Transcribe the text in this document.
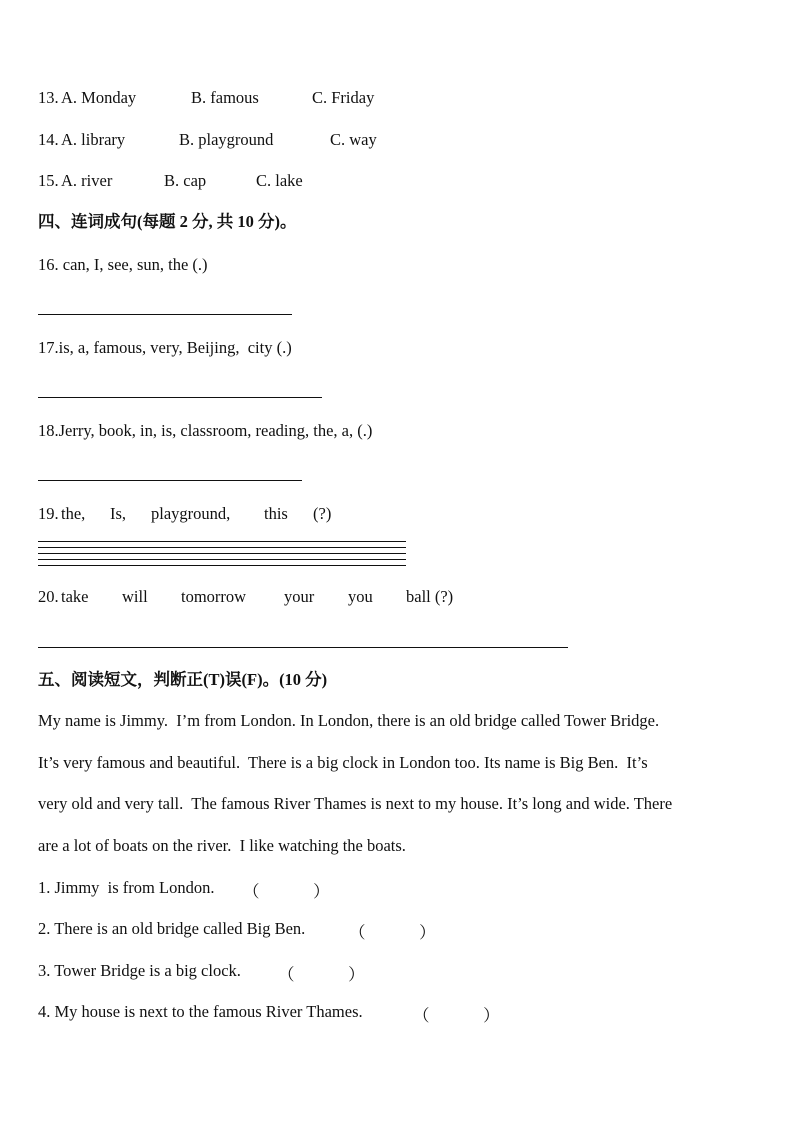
13. A. Monday	B. famous	C. Friday
14. A. library	B. playground	C. way
15. A. river	B. cap	C. lake
四、连词成句(每题 2 分, 共 10 分)。
16. can, I, see, sun, the (.)
17.is, a, famous, very, Beijing,  city (.)
18.Jerry, book, in, is, classroom, reading, the, a, (.)
19. the, Is, playground, this (?)
20. take will tomorrow your you ball (?)
五、阅读短文，判断正(T)误(F)。(10 分)
My name is Jimmy.  I’m from London. In London, there is an old bridge called Tower Bridge.
It’s very famous and beautiful.  There is a big clock in London too. Its name is Big Ben.  It’s
very old and very tall.  The famous River Thames is next to my house. It’s long and wide. There
are a lot of boats on the river.  I like watching the boats.
1. Jimmy  is from London. （             ）
2. There is an old bridge called Big Ben.	（             ）
3. Tower Bridge is a big clock. （             ）
4. My house is next to the famous River Thames.	（             ）
